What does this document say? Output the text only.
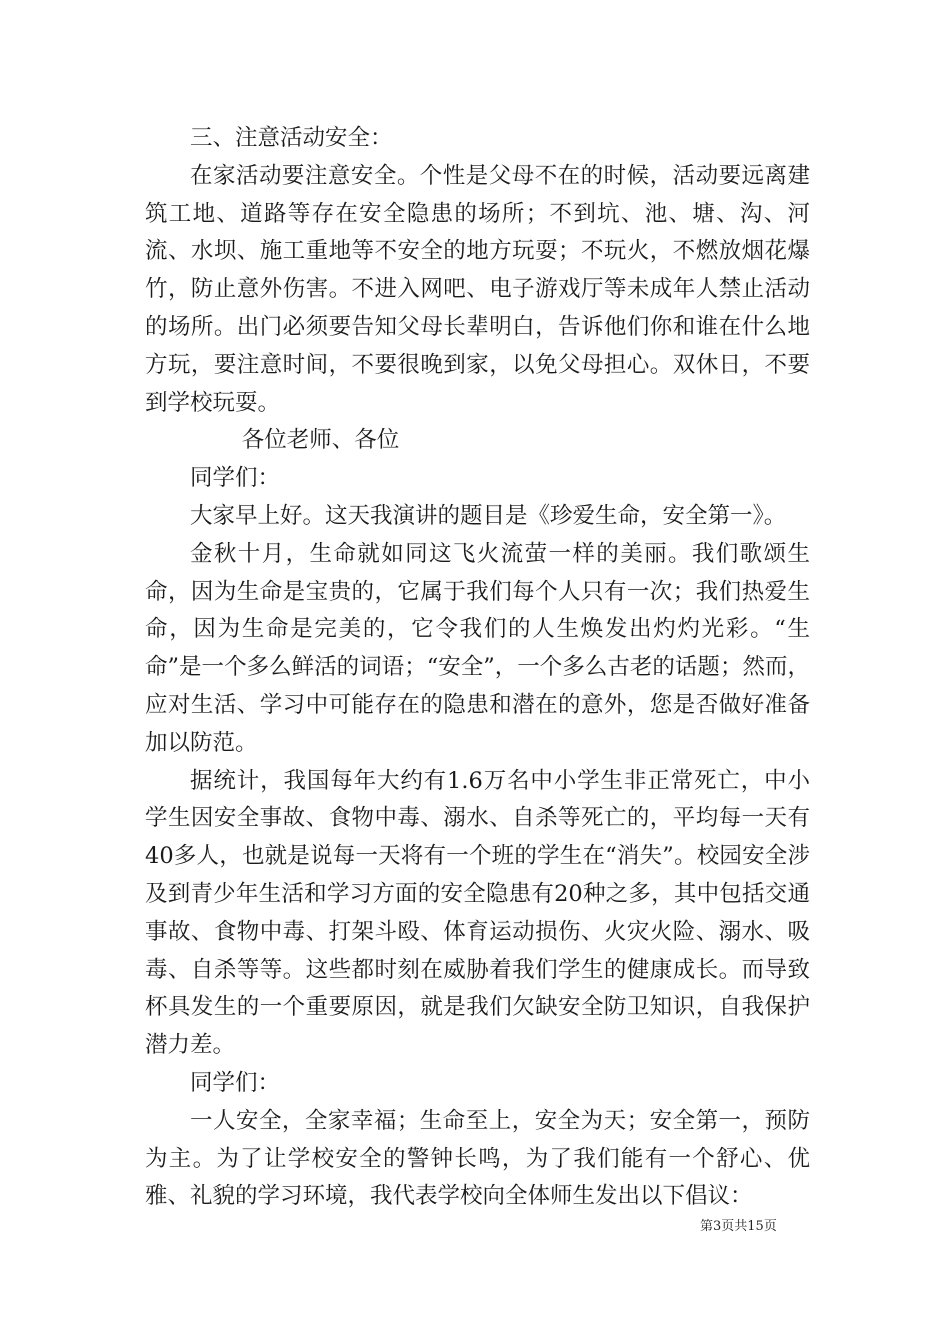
三、注意活动安全：

在家活动要注意安全。个性是父母不在的时候，活动要远离建筑工地、道路等存在安全隐患的场所；不到坑、池、塘、沟、河流、水坝、施工重地等不安全的地方玩耍；不玩火，不燃放烟花爆竹，防止意外伤害。不进入网吧、电子游戏厅等未成年人禁止活动的场所。出门必须要告知父母长辈明白，告诉他们你和谁在什么地方玩，要注意时间，不要很晚到家，以免父母担心。双休日，不要到学校玩耍。

各位老师、各位

同学们：

大家早上好。这天我演讲的题目是《珍爱生命，安全第一》。

金秋十月，生命就如同这飞火流萤一样的美丽。我们歌颂生命，因为生命是宝贵的，它属于我们每个人只有一次；我们热爱生命，因为生命是完美的，它令我们的人生焕发出灼灼光彩。“生命”是一个多么鲜活的词语；“安全”，一个多么古老的话题；然而，应对生活、学习中可能存在的隐患和潜在的意外，您是否做好准备加以防范。

据统计，我国每年大约有1.6万名中小学生非正常死亡，中小学生因安全事故、食物中毒、溺水、自杀等死亡的，平均每一天有40多人，也就是说每一天将有一个班的学生在“消失”。校园安全涉及到青少年生活和学习方面的安全隐患有20种之多，其中包括交通事故、食物中毒、打架斗殴、体育运动损伤、火灾火险、溺水、吸毒、自杀等等。这些都时刻在威胁着我们学生的健康成长。而导致杯具发生的一个重要原因，就是我们欠缺安全防卫知识，自我保护潜力差。

同学们：

一人安全，全家幸福；生命至上，安全为天；安全第一，预防为主。为了让学校安全的警钟长鸣，为了我们能有一个舒心、优雅、礼貌的学习环境，我代表学校向全体师生发出以下倡议：

第3页共15页
